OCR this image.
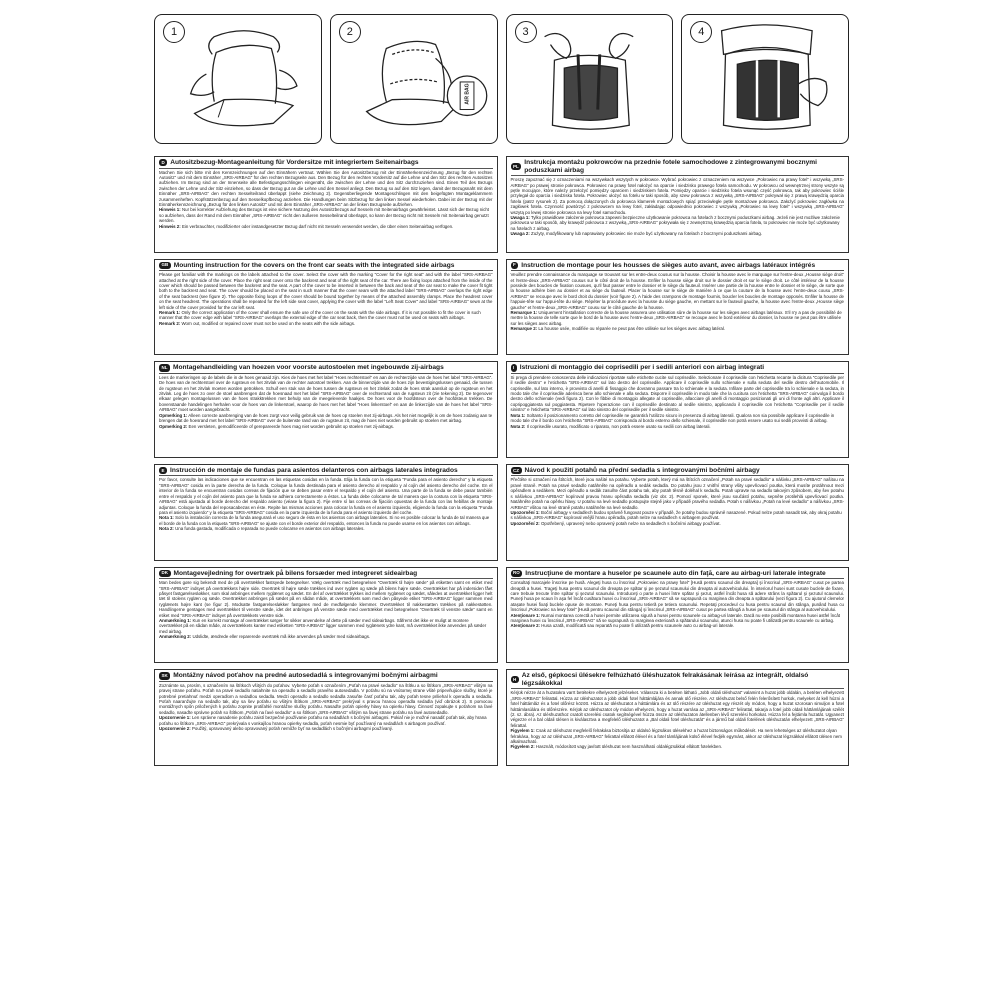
1	2
AIR BAG
3	4
D Autositzbezug-Montageanleitung für Vordersitze mit integriertem Seitenairbags

Machen Sie sich bitte mit den Kennzeichnungen auf den Einnähern vertraut. Wählen Sie den Autositzbezug mit der Einnäherkennzeichnung „Bezug für den rechten Autositz“ und mit dem Einnäher „SRS-AIRBAG“ für den rechten Bezugseite aus. Den Bezug für den rechten Vordersitz auf die Lehne und den Sitz des rechten Autositzes aufziehen. Im Bezug sind an der Innenseite alle Befestigungsschlingen eingenäht, die zwischen der Lehne und den Sitz durchzuziehen sind. Einen Teil des Bezugs zwischen der Lehne und der Sitz einziehen, so dass der Bezug gut an die Lehne und den Sessel anliegt. Den Bezug so auf den Sitz legen, damit der Bezugsnaht mit dem Einnäher „SRS-AIRBAG“ den rechten Sesselteilrand überlappt (siehe Zeichnung 2). Gegenüberliegende Montageschlingen mit den beigefügten Montageklammern zusammenheften. Kopfstützenbezug auf den Sesselkopfbezug anziehen. Die Handlungen beim Sitzbezug für den linken Sessel wiederholen. Dabei ist der Bezug mit der Einnäherkennzeichnung „Bezug für den linken Autositz“ und mit dem Einnäher „SRS-AIRBAG“ an der linken Bezugseite aufziehen.

Hinweis 1: Nur bei korrekter Aufziehung des Bezugs ist eine sichere Nutzung des Autositzbezugs auf Sesseln mit Seitenairbags gewährleistet. Lässt sich der Bezug nicht so aufziehen, dass der Rand mit dem Einnäher „SRS-AIRBAG“ nicht den äußeren Sesselteilrand überlappt, so kann der Bezug nicht mit Sesseln mit Seitenairbag genutzt werden.

Hinweis 2: Ein verbrauchter, modifizierter oder instandgesetzter Bezug darf nicht mit Sesseln verwendet werden, die über einen Seitenairbag verfügen.

PL
Instrukcja montażu pokrowców na przednie fotele samochodowe z zintegrowanymi bocznymi poduszkami airbag

Proszę zapoznać się z oznaczeniami na wszywkach wszytych w pokrowce. Wybrać pokrowiec z oznaczeniem na wszywce „Pokrowiec na prawy fotel“ i wszywką „SRS-AIRBAG“ po prawej stronie pokrowca. Pokrowiec na prawy fotel nałożyć na oparcie i siedzisko prawego fotela samochodu. W pokrowcu od wewnętrznej strony wszyte są pętle mocujące, które należy przełożyć pomiędzy oparciem i siedziskiem fotela. Pomiędzy oparcie i siedzisko fotela wsunąć część pokrowca, tak aby pokrowiec ściśle przylegał do oparcia i siedziska fotela. Pokrowiec ułożyć na fotelu w taki sposób, aby szew pokrowca z wszywką „SRS-AIRBAG“ pokrywał się z prawą krawędzią oparcia fotela (patrz rysunek 2). Za pomocą dołączonych do pokrowca klamerek montażowych spiąć przeciwległe pętle montażowe pokrowca. Założyć pokrowiec zagłówka na zagłówek fotela. Czynność powtórzyć z pokrowcem na lewy fotel, zakładając odpowiednio pokrowiec z wszywką „Pokrowiec na lewy fotel“ i wszywką „SRS-AIRBAG“ wszytą po lewej stronie pokrowca na lewy fotel samochodu.

Uwaga 1: Tylko prawidłowe założenie pokrowca zapewni bezpieczne użytkowanie pokrowca na fotelach z bocznymi poduszkami airbag. Jeżeli nie jest możliwe założenie pokrowca w taki sposób, aby krawędź pokrowca z wszywką „SRS-AIRBAG“ pokrywała się z zewnętrzną krawędzią oparcia fotela, to pokrowiec nie może być użytkowany na fotelach z airbag.

Uwaga 2: Zużyty, modyfikowany lub naprawiany pokrowiec nie może być użytkowany na fotelach z bocznymi poduszkami airbag.

GB Mounting instruction for the covers on the front car seats with the integrated side airbags

Please get familiar with the markings on the labels attached to the cover. Select the cover with the marking “Cover for the right seat” and with the label “SRS-AIRBAG” attached at the right side of the cover. Place the right seat cover onto the backrest and seat of the right seat of the car. There are fixing loops attached from the inside of the cover which should be passed between the backrest and the seat. A part of the cover to be inserted in between the back and seat of the car seat to make the cover fit tight both to the backrest and seat. The cover should be placed on the seat in such manner that the cover seam with the attached label “SRS-AIRBAG” overlaps the right edge of the seat backrest (see figure 2). The opposite fixing loops of the cover should be bound together by means of the attached assembly clamps. Place the headrest cover on the seat headrest. The operations shall be repeated for the left side seat cover, applying the cover with the label “Left Seat Cover” and label “SRS-AIRBAG” sewn at the left side of the cover provided for the car left seat.

Remark 1: Only the correct application of the cover shall ensure the safe use of the cover on the seats with the side airbags. If it is not possible to fit the cover in such manner that the cover edge with label “SRS-AIRBAG” overlaps the external edge of the car seat back, then the cover must not be used on seats with airbags.

Remark 2: Worn out, modified or repaired cover must not be used on the seats with the side airbags.

F Instruction de montage pour les housses de sièges auto avant, avec airbags latéraux intégrés

Veuillez prendre connaissance du marquage se trouvant sur les entre-deux cousus sur la housse. Choisir la housse avec le marquage sur l'entre-deux „Housse siège droit“ et l'entre-deux „SRS-AIRBAG“ cousus sur le côté droit de la housse. Enfiler la housse siège droit sur le dossier droit et sur le siège droit. Le côté intérieur de la housse possède des boucles de fixation cousues, qu'il faut passer entre le dossier et le siège du fauteuil. Insérer une partie de la housse entre le dossier et le siège, de sorte que la housse adhère bien au dossier et au siège du fauteuil. Placer la housse sur le siège de manière à ce que la couture de la housse avec l'entre-deux cousu „SRS-AIRBAG“ se recoupe avec le bord droit du dossier (voir figure 2). A l'aide des crampons de montage fournis, boucler les boucles de montage opposés. Enfiler la housse de l'appuie-tête sur l'appui-tête du siège. Répéter la procédure avec la housse du siège gauche, en mettant sur le fauteuil gauche, la housse avec l'entre-deux „Housse siège gauche“ et l'entre-deux „SRS-AIRBAG“ cousu sur le côté gauche de la housse.

Remarque 1: Uniquement l'installation correcte de la housse assurera une utilisation sûre de la housse sur les sièges avec airbags latéraux. S'il n'y a pas de possibilité de mettre la housse de telle sorte que le bord de la housse avec l'entre-deux „SRS-AIRBAG“ se recoupe avec le bord extérieur du dossier, la housse ne peut pas être utilisée sur les sièges avec airbag.

Remarque 2: La housse usée, modifiée ou réparée ne peut pas être utilisée sur les sièges avec airbag latéral.

NL Montagehandleiding van hoezen voor voorste autostoelen met ingebouwde zij-airbags

Lees de markeringen op de labels die in de hoes genaaid zijn. Kies de hoes met het label “Hoes rechterstoel” en aan de rechterzijde van de hoes het label “SRS-AIRBAG”. De hoes van de rechterstoel over de rugsteun en het zitvlak van de rechter autostoel trekken. Aan de binnenzijde van de hoes zijn bevestigingslussen genaaid, die tussen de rugsteun en het zitvlak moeten worden getrokken. Schuif een stuk van de hoes tussen de rugsteun en het zitvlak zodat de hoes strak aansluit op de rugsteun en het zitvlak. Leg de hoes zo over de stoel aanbrengen dat de hoesnaad met het label “SRS-AIRBAG” over de rechterrand van de rugsteun zit (zie tekening 2). De tegenover elkaar gelegen montagelussen van de hoes strakktrekken met behulp van de meegeleverde haakjes. De hoes voor de hoofdsteun over de hoofdsteun trekken. De bovenstaande handelingen herhalen voor de hoes van de linkerstoel, waarop de hoes met het label “Hoes linkerstoel” en aan de linkerzijde van de hoes het label “SRS-AIRBAG” moet worden aangebracht.

Opmerking 1: Alleen correcte aanbrenging van de hoes zorgt voor veilig gebruik van de hoes op stoelen met zij-airbags. Als het niet mogelijk is om de hoes zodanig aan te brengen dat de hoesrand met het label “SRS-AIRBAG” over de buitenste rand van de rugsteun zit, mag de hoes niet worden gebruikt op stoelen met airbag.

Opmerking 2: Een versleten, gemodificeerde of gerepareerde hoes mag niet worden gebruikt op stoelen met zij-airbags.

I Istruzioni di montaggio dei coprisedili per i sedili anteriori con airbag integrati

Si prega di prendere conoscenza delle indicazioni riportate sulle etichette cucite sul coprisedile. Selezionare il coprisedile con l'etichetta recante la dicitura “Coprisedile per il sedile destro” e l'etichetta “SRS-AIRBAG” sul lato destro del coprisedile. Applicare il coprisedile sullo schienale e sulla seduta del sedile destro dell'automobile. Il coprisedile, sul lato interno, è provvisto di anelli di fissaggio che dovranno passare tra lo schienale e la seduta. Infilare parte del coprisedile tra lo schienale e la seduta, in modo tale che il coprisedile aderisca bene allo schienale e alla seduta. Disporre il coprisedile in modo tale che la cucitura con l'etichetta “SRS-AIRBAG” coinvolga il bordo destro dello schienale (vedi figura 2). Con le fibbie di montaggio allegate al coprisedile, allacciare gli anelli di montaggio posizionati gli uni di fronte agli altri. Applicare il copripoggiatesta sul poggiatesta. Ripetere l'operazione con il coprisedile destinato al sedile sinistro, applicando il coprisedile con l'etichetta “Coprisedile per il sedile sinistro” e l'etichetta “SRS-AIRBAG” sul lato sinistro del coprisedile per il sedile sinistro.

Nota 1: Soltanto il posizionamento corretto del coprisedile ne garantirà l'utilizzo sicuro in presenza di airbag laterali. Qualora non sia possibile applicare il coprisedile in modo tale che il bordo con l'etichetta “SRS-AIRBAG” corrisponda al bordo esterno dello schienale, il coprisedile non potrà essere usato sui sedili provvisti di airbag.

Nota 2: Il coprisedile usurato, modificato o riparato, non potrà essere usato su sedili con airbag laterali.

E Instrucción de montaje de fundas para asientos delanteros con airbags laterales integrados

Por favor, consulte las indicaciones que se encuentran en las etiquetas cosidas en la funda. Elija la funda con la etiqueta “Funda para el asiento derecho” y la etiqueta “SRS-AIRBAG” cosida en la parte derecha de la funda. Coloque la funda destinada para el asiento derecho al respaldo y al cojín del asiento derecho del coche. En el interior de la funda se encuentran cosidas correas de fijación que se deben pasar entre el respaldo y el cojín del asiento. Una parte de la funda se debe pasar también entre el respaldo y el cojín del asiento para que la funda se adhiera correctamente a éstos. La funda debe colocarse de tal manera que la costura con la etiqueta “SRS-AIRBAG” está ajustada al borde derecho del respaldo asiento (véase la figura 2). Fije entre sí las correas de fijación opuestas de la funda con las hebillas de montaje adjuntas. Coloque la funda del reposacabezas en éste. Repite las mismas acciones para colocar la funda en el asiento izquierdo, eligiendo la funda con la etiqueta “Funda para el asiento izquierdo” y la etiqueta “SRS-AIRBAG” cosida en la parte izquierda de la funda para el asiento izquierdo del coche.

Nota 1: Solo la instalación correcta de la funda asegurará el uso seguro de ésta en los asientos con airbags laterales. Si no es posible colocar la funda de tal manera que el borde de la funda con la etiqueta “SRS-AIRBAG” se ajuste con el borde exterior del respaldo, entonces la funda no puede usarse en los asientos con airbags.

Nota 2: Una funda gastada, modificada o reparada no puede colocarse en asientos con airbags laterales.

CZ Návod k použití potahů na přední sedadla s integrovanými bočními airbagy

Přečtěte si označení na štítcích, které jsou našité na potahu. Vyberte potah, který má na štítcích označení „Potah na pravé sedadlo“ a nášivku „SRS-AIRBAG“ našitou na pravé straně. Potah na pravé sedadlo natáhněte na opěradlo a sedák sedadla. Do potahu jsou z vnitřní strany všity upevňovací poutka, která musíte protáhnout mezi opěradlem a sedákem. Mezi opěradlo a sedák zasuňte část potahu tak, aby potah těsně doléhal k sedadlu. Potah upravte na sedadlo takovým způsobem, aby šev potahu s nášivkou „SRS-AIRBAG“ kopíroval pravou hranu opěradla sedadla (viz obr. 2). Pomocí sponek, které jsou součástí potahu, sepněte protilehlá upevňovací poutka. Natáhněte potah na opěrku hlavy. U potahu na levé sedadlo postupujte stejně jako v případě pravého sedadla. Potah s nášivkou „Potah na levé sedadlo“ a nášivkou „SRS-AIRBAG“ všitou na levé straně potahu natáhněte na levé sedadlo.

Upozornění 1: Boční airbagy v sedadlech budou správně fungovat pouze v případě, že potahy budou správně nasazené. Pokud nelze potah nasadit tak, aby okraj potahu s nášivkou „SRS-AIRBAG“ kopíroval vnější hranu opěradla, potah nelze na sedadlech s airbagem používat.

Upozornění 2: Opotřebený, upravený nebo opravený potah nelze na sedadlech s bočními airbagy používat.

DK Montagevejledning for overtræk på bilens forsæder med integreret sideairbag

Man bedes gøre sig bekendt med de på overtrækket fastsyede betegnelser. Vælg overtræk med betegnelsen “Overtræk til højre sæde” på etiketten samt en etiket med “SRS-AIRBAG” indsyet på overtrækkets højre side. Overtræk til højre sæde trækkes ind over ryglæn og sæde på bilens højre sæde. Overtrækket har på indersiden fået påsyet fastgørelsesløkker, som skal anbringes mellem ryglænet og sædet. En del af overtrækket trykkes ind mellem ryglænet og sædet, således at overtrækket ligger helt tæt til stolens ryglæn og sæde. Overtrækket anbringes på sædet på en sådan måde, at overtrækkets søm med den påsyede etiket “SRS-AIRBAG” ligger sammen med ryglænets højre kant (se figur 2). Modsatte fastgørelsesløkker fastgøres med de medfølgende klemmer. Overtrækket til nakkestøtten trækkes på nakkestøtten. Handlingerne gentages med overtrækket til venstre sæde, idet det anbringes på venstre sæde med overtrækket med betegnelsen “Overtræk til venstre sæde” samt en etiket med “SRS-AIRBAG” indsyet på overtrækkets venstre side.

Anmærkning 1: Kun en korrekt montage af overtrækket sørger for sikker anvendelse af dette på sæder med sideairbags. Såfremt det ikke er muligt at montere overtrækket på en sådan måde, at overtrækkets kanter med etiketten “SRS-AIRBAG” ligger sammen med ryglænets ydre kant, må overtrækket ikke anvendes på sæder med airbag.

Anmærkning 2: Udslidte, ændrede eller reparerede overtræk må ikke anvendes på sæder med sideairbags.

RO Instrucţiune de montare a huselor pe scaunele auto din faţă, care au airbag-uri laterale integrate

Consultaţi marcajele înscrise pe husă. Alegeţi husa cu înscrisul „Pokrowiec na prawy fotel” [Husă pentru scaunul din dreapta] şi înscrisul „SRS-AIRBAG” cusut pe partea dreaptă a husei. Trageţi husa pentru scaunul din dreapta pe spătar şi pe şezutul scaunului din dreapta al autovehiculului. În interiorul husei sunt cusute buclele de fixare, care trebuie trecute între spătar şi şezutul scaunului. Introduceţi o parte a husei între spătar şi şezut, astfel încât husa să adere strâns la spătarul şi şezutul scaunului. Puneţi husa pe scaun în aşa fel încât cusătura husei cu înscrisul „SRS-AIRBAG” să se suprapună cu marginea din dreapta a spătarului (vezi figura 2). Cu ajutorul clemelor ataşate husei fixaţi buclele opuse de montare. Puneţi husa pentru tetieră pe tetiera scaunului. Repetaţi procedeul cu husa pentru scaunul din stânga, punând husa cu înscrisul „Pokrowiec na lewy fotel” [Husă pentru scaunul din stânga] şi înscrisul „SRS-AIRBAG” cusut pe partea stângă a husei pe scaunul din stânga al autovehiculului.

Atenţionare 1: Numai montarea corectă a husei permite utilizarea sigură a husei pentru scaunele cu airbag-uri laterale. Dacă nu este posibilă montarea husei astfel încât marginea husei cu înscrisul „SRS-AIRBAG” să se suprapună cu marginea exterioară a spătarului scaunului, atunci husa nu poate fi utilizată pentru scaunele cu airbag.

Atenţionare 2: Husa uzată, modificată sau reparată nu poate fi utilizată pentru scaunele auto cu airbag-uri laterale.

SK Montážny návod poťahov na predné autosedadlá s integrovanými bočnými airbagmi

Zoznámte sa, prosím, s označením na štítkoch všitých do poťahov. Vyberte poťah s označením „Poťah na pravé sedadlo“ na štítku a so štítkom „SRS-AIRBAG“ všitým na pravej strane poťahu. Poťah na pravé sedadlo natiahnite na operadlo a sedadlo pravého autosedadla. V poťahu sú na vnútornej strane všité pripevňujúce slučky, ktoré je potrebné pretiahnuť medzi operadlom a sedadlou sedadla. Medzi operadlo a sedadlo sedadla zasuňte časť poťahu tak, aby poťah tesne priliehal k operadlu a sedadlu. Poťah naaranžujte na sedadlo tak, aby sa šev poťahu so všitým štítkom „SRS-AIRBAG“ prekrýval s pravou hranou operadla sedadla (viď obrázok 2). S pomocou montážnych spôn priložených k poťahu zopnite protiľahlé montážne slučky poťahu. Nasaďte poťah opierky hlavy na opierku hlavy. Činnosť zopakujte s poťahom na ľavé sedadlo, nasaďte správne poťah so štítkom „Poťah na ľavé sedadlo“ a so štítkom „SRS-AIRBAG“ všitým na ľavej strane poťahu na ľavé autosedadlo.

Upozornenie 1: Len správne nasadenie poťahu zaistí bezpečné používanie poťahu na sedadlách s bočnými airbagmi. Pokiaľ nie je možné nasadiť poťah tak, aby hrana poťahu so štítkom „SRS-AIRBAG“ prekrývala s vonkajšou hranou opierky sedadla, poťah nesmie byť používaný na sedadlách s airbagom používať.

Upozornenie 2: Použitý, upravovaný alebo opravovaný poťah nemôže byť na sedadlách s bočnými airbagmi používaný.

H
Az első, gépkocsi ülésekre felhúzható üléshuzatok felrakásának leírása az integrált, oldalsó légzsákokkal

Kérjük nézze át a huzatokra varrt betétekre elhelyezett jelzéseket. Válassza ki a betéten látható „Jobb oldali üléshuzat” valamint a huzat jobb oldalán, a betéten elhelyezett „SRS-AIRBAG” felirattal. Húzza az üléshuzatot a jobb oldali fotel háttámlájára és annak ülő részére. Az üléshuzat belső felén felerősített horkok, melyeket át kell húzni a fotel háttámláz és a fotel ülőrész között. Húzza az üléshuzatot a háttámlára és az ülő részére az üléshuzat egy részét oly módon, hogy a huzat szorosan simuljon a fotel háttámlasúlára és ülőrészére. Kérjük az üléshuzatot oly módon elhelyezni, hogy a huzat varrása az „SRS-AIRBAG” felirattal, takarja a fotel jobb oldali háttámlájának szélét (2. sz. ábra). Az üléshuzathoz csatolt szerelési csatok segítségével húzza össze az üléshuzaton átellenben lévő szerelési horkokat. Húzza fel a fejtámla huzatát. Ugyanezt végezze el a bal oldali ülésen is kiválasztva a megfelelő üléshuzatot a „Bal oldali fotel üléshuzatát” és a jármű bal oldali fotelének üléshuzatán elhelyezett „SRS-AIRBAG” felirattal.

Figyelem 1: Csak az üléshuzat megfelelő felrakása biztosítja az oldalsó légzsákos ülésekhez a huzat biztonságos működését. Ha nem lehetséges az üléshuzatot olyan felrakása, hogy az az üléshuzat „SRS-AIRBAG” felirattal ellátott élével és a fotel támlájának külső élével fedjék egymást, akkor az üléshuzat légzsákkal ellátott ülésen nem alkalmazható.

Figyelem 2: Használt, módosított vagy javított üléshuzat nem használható oldalégzsákkal ellátott fotelekben.
